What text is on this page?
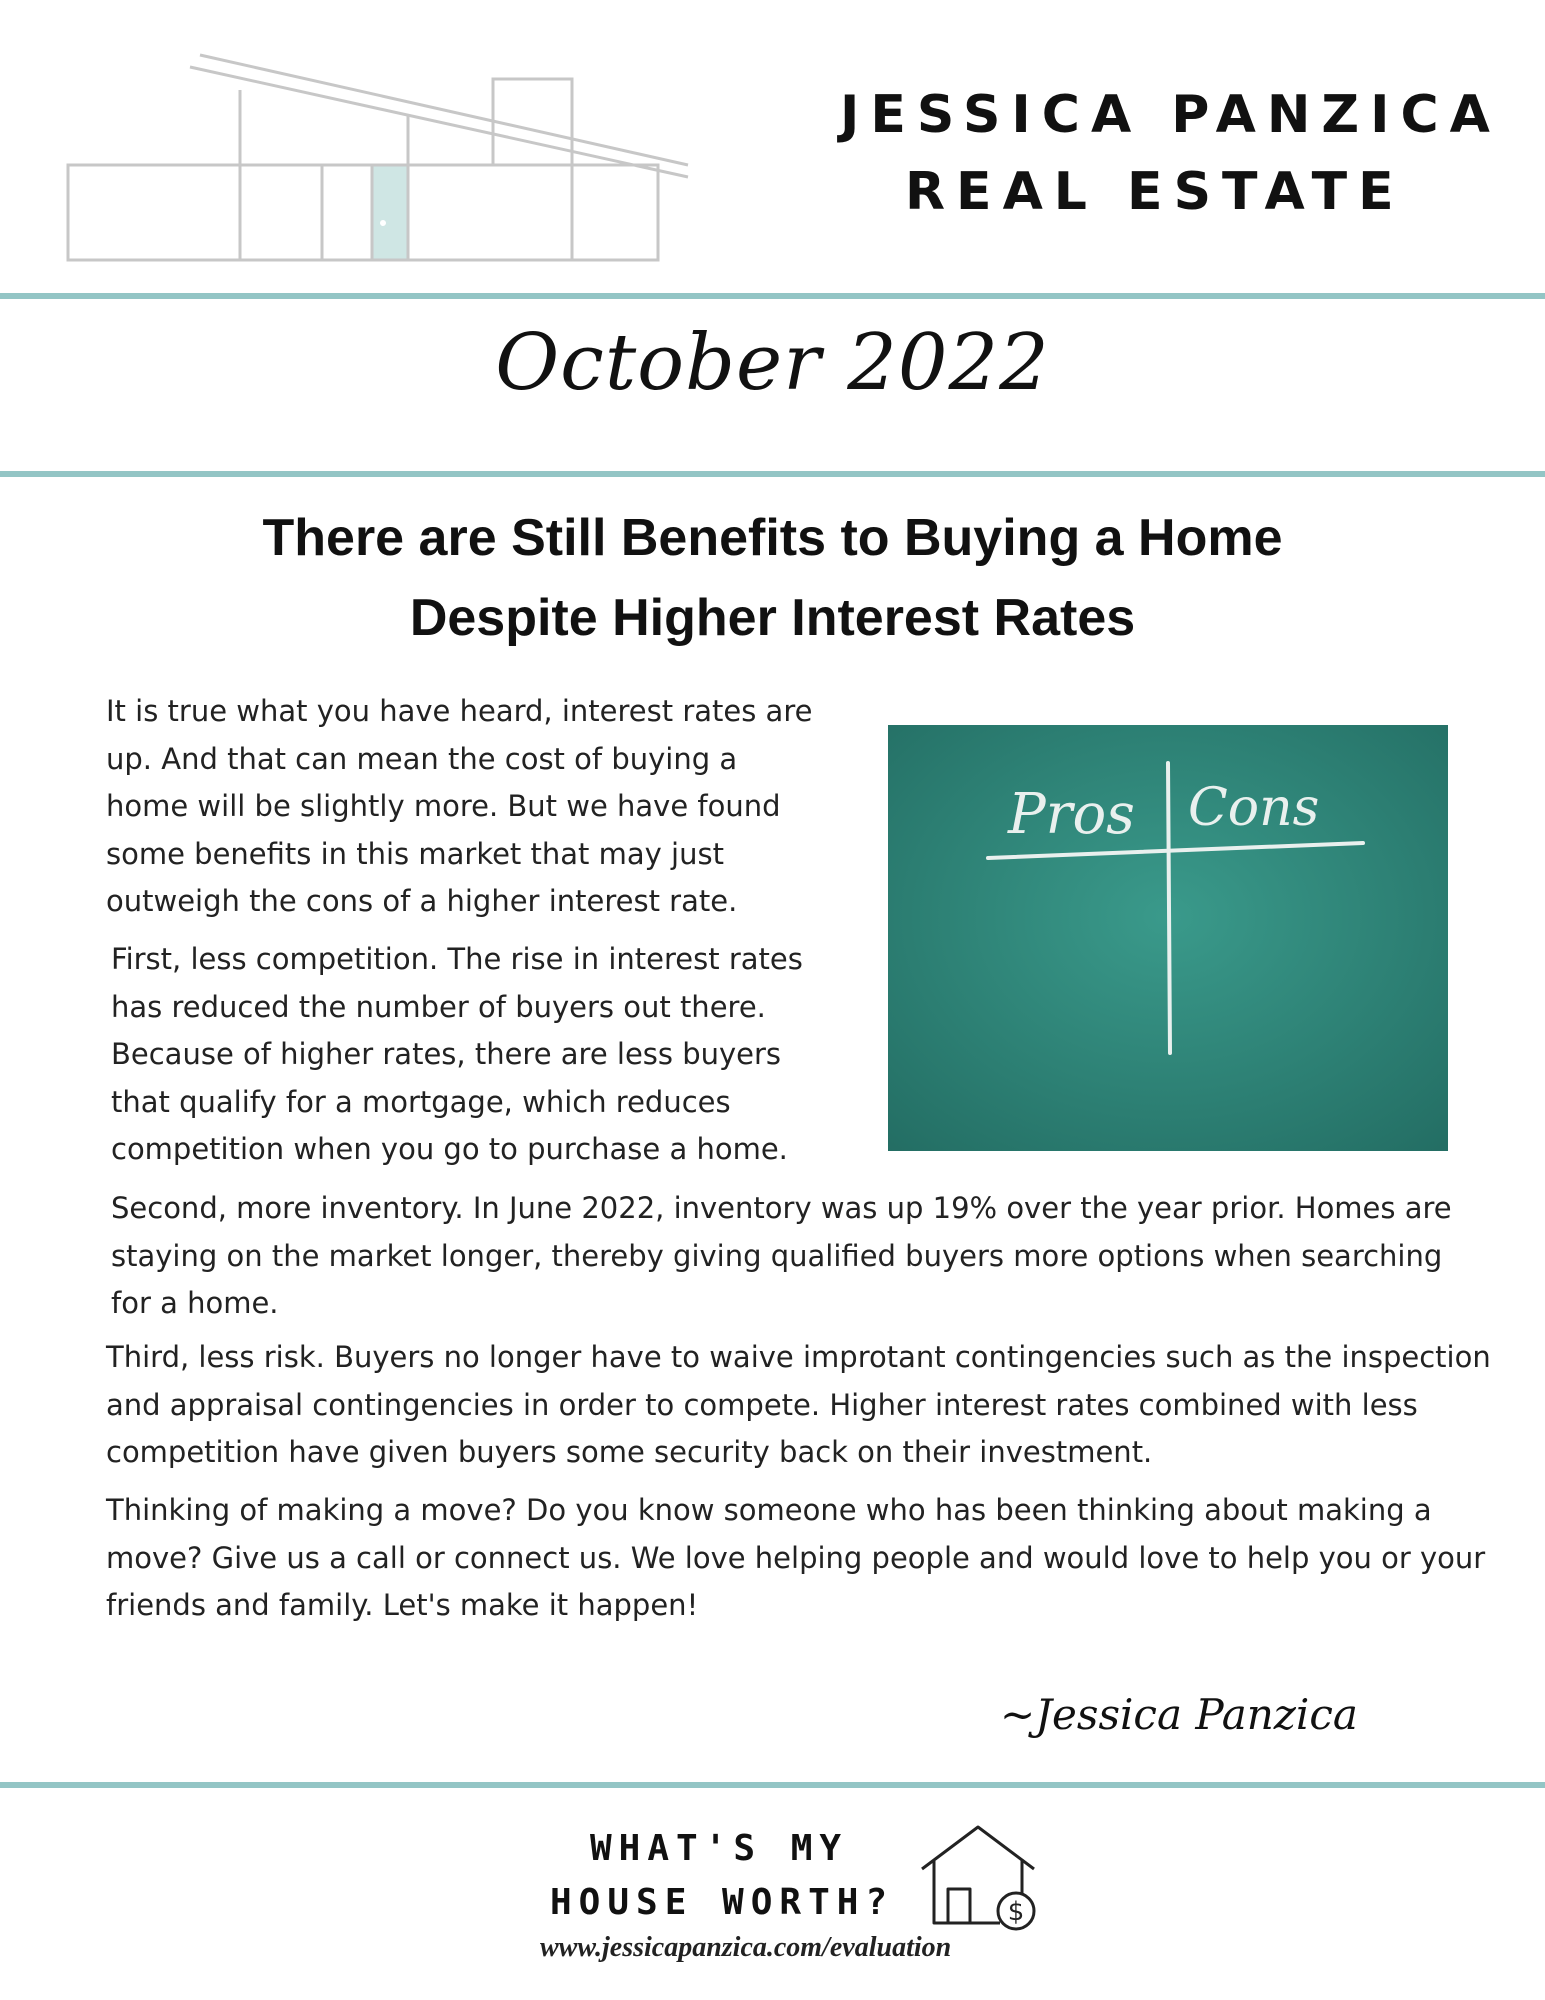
JESSICA PANZICA
REAL ESTATE
October 2022
There are Still Benefits to Buying a Home
Despite Higher Interest Rates

It is true what you have heard, interest rates are up. And that can mean the cost of buying a home will be slightly more. But we have found some benefits in this market that may just outweigh the cons of a higher interest rate.

First, less competition. The rise in interest rates has reduced the number of buyers out there. Because of higher rates, there are less buyers that qualify for a mortgage, which reduces competition when you go to purchase a home.

Pros Cons

Second, more inventory. In June 2022, inventory was up 19% over the year prior. Homes are staying on the market longer, thereby giving qualified buyers more options when searching for a home.

Third, less risk. Buyers no longer have to waive improtant contingencies such as the inspection and appraisal contingencies in order to compete. Higher interest rates combined with less competition have given buyers some security back on their investment.

Thinking of making a move? Do you know someone who has been thinking about making a move? Give us a call or connect us. We love helping people and would love to help you or your friends and family. Let's make it happen!

~Jessica Panzica
WHAT'S MY
HOUSE WORTH?	$
www.jessicapanzica.com/evaluation
